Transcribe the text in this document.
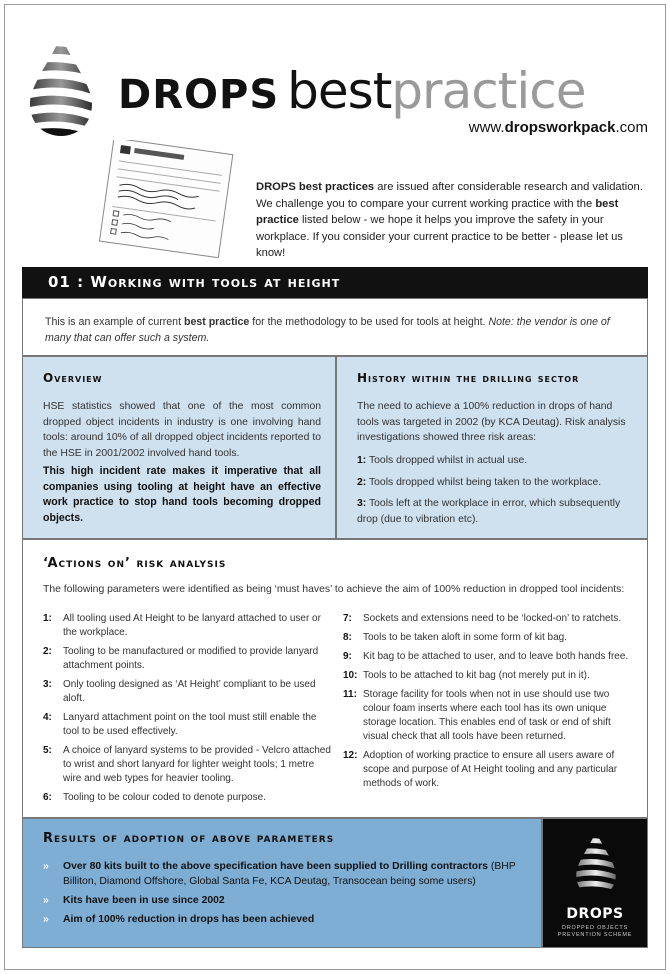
DROPS bestpractice
www.dropsworkpack.com
DROPS best practices are issued after considerable research and validation. We challenge you to compare your current working practice with the best practice listed below - we hope it helps you improve the safety in your workplace. If you consider your current practice to be better - please let us know!
01 : Working with tools at height

This is an example of current best practice for the methodology to be used for tools at height. Note: the vendor is one of many that can offer such a system.

Overview
HSE statistics showed that one of the most common dropped object incidents in industry is one involving hand tools: around 10% of all dropped object incidents reported to the HSE in 2001/2002 involved hand tools.
This high incident rate makes it imperative that all companies using tooling at height have an effective work practice to stop hand tools becoming dropped objects.
History within the drilling sector
The need to achieve a 100% reduction in drops of hand tools was targeted in 2002 (by KCA Deutag). Risk analysis investigations showed three risk areas:
1: Tools dropped whilst in actual use.
2: Tools dropped whilst being taken to the workplace.
3: Tools left at the workplace in error, which subsequently drop (due to vibration etc).
‘Actions on’ risk analysis
The following parameters were identified as being ‘must haves’ to achieve the aim of 100% reduction in dropped tool incidents:
1: All tooling used At Height to be lanyard attached to user or the workplace.
2: Tooling to be manufactured or modified to provide lanyard attachment points.
3: Only tooling designed as ‘At Height’ compliant to be used aloft.
4: Lanyard attachment point on the tool must still enable the tool to be used effectively.
5: A choice of lanyard systems to be provided - Velcro attached to wrist and short lanyard for lighter weight tools; 1 metre wire and web types for heavier tooling.
6: Tooling to be colour coded to denote purpose.
7: Sockets and extensions need to be ‘locked-on’ to ratchets.
8: Tools to be taken aloft in some form of kit bag.
9: Kit bag to be attached to user, and to leave both hands free.
10: Tools to be attached to kit bag (not merely put in it).
11: Storage facility for tools when not in use should use two colour foam inserts where each tool has its own unique storage location. This enables end of task or end of shift visual check that all tools have been returned.
12: Adoption of working practice to ensure all users aware of scope and purpose of At Height tooling and any particular methods of work.
Results of adoption of above parameters
» Over 80 kits built to the above specification have been supplied to Drilling contractors (BHP Billiton, Diamond Offshore, Global Santa Fe, KCA Deutag, Transocean being some users)
» Kits have been in use since 2002
» Aim of 100% reduction in drops has been achieved	DROPS
DROPPED OBJECTS
PREVENTION SCHEME
